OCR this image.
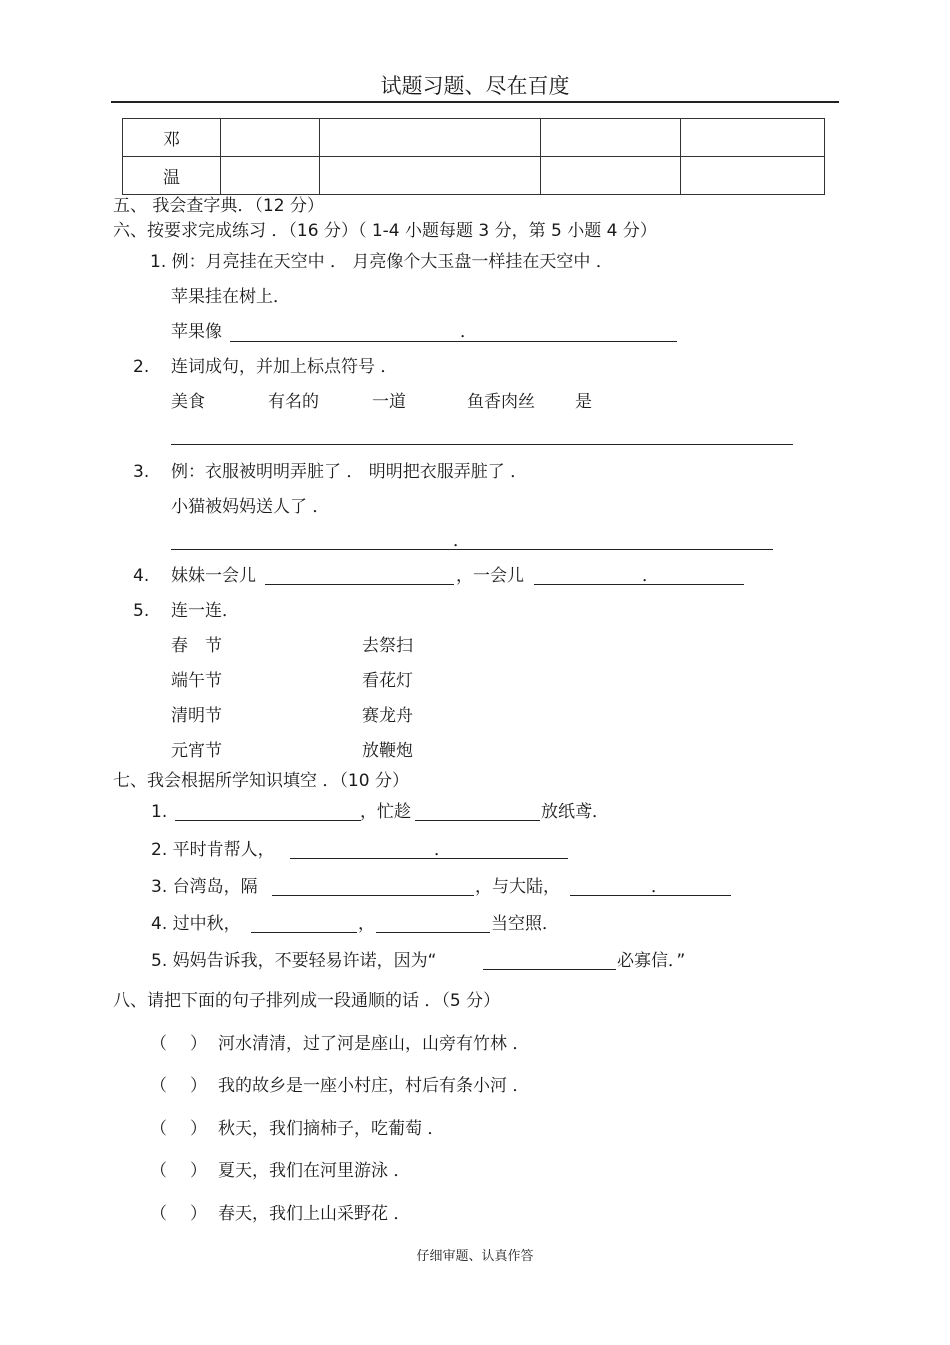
试题习题、尽在百度
邓				
温				
五、 我会查字典．（12 分）
六、按要求完成练习 ．（16 分）（ 1-4 小题每题 3 分，第 5 小题 4 分）
1. 例：月亮挂在天空中 ． 月亮像个大玉盘一样挂在天空中 ．
苹果挂在树上．
苹果像	．
2. 连词成句，并加上标点符号 ．
美食	有名的	一道	鱼香肉丝 是
3. 例：衣服被明明弄脏了 ． 明明把衣服弄脏了 ．
小猫被妈妈送人了 ．
．
4. 妹妹一会儿	，一会儿	．
5. 连一连．
春　节	去祭扫
端午节	看花灯
清明节	赛龙舟
元宵节	放鞭炮
七、我会根据所学知识填空 ．（10 分）
1.	，忙趁	放纸鸢．
2. 平时肯帮人，	．
3. 台湾岛，隔	，与大陆，	．
4. 过中秋，	，	当空照．
5. 妈妈告诉我，不要轻易许诺，因为“	必寡信．”
八、请把下面的句子排列成一段通顺的话 ．（5 分）
（ ） 河水清清，过了河是座山，山旁有竹林 ．
（ ） 我的故乡是一座小村庄，村后有条小河 ．
（ ） 秋天，我们摘柿子，吃葡萄 ．
（ ） 夏天，我们在河里游泳 ．
（ ） 春天，我们上山采野花 ．
仔细审题、认真作答
